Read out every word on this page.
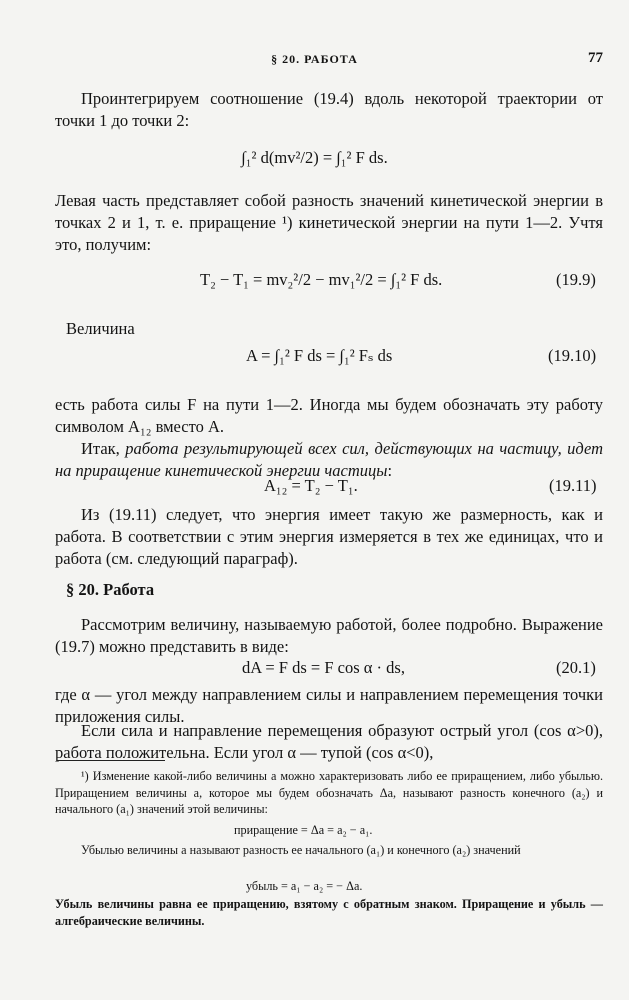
§ 20. РАБОТА	77
Проинтегрируем соотношение (19.4) вдоль некоторой траектории от точки 1 до точки 2:
∫₁² d(mv²/2) = ∫₁² F ds.
Левая часть представляет собой разность значений кинетической энергии в точках 2 и 1, т. е. приращение ¹) кинетической энергии на пути 1—2. Учтя это, получим:
T₂ − T₁ = mv₂²/2 − mv₁²/2 = ∫₁² F ds.	(19.9)
Величина
A = ∫₁² F ds = ∫₁² Fₛ ds	(19.10)
есть работа силы F на пути 1—2. Иногда мы будем обозначать эту работу символом A₁₂ вместо A.
Итак, работа результирующей всех сил, действующих на частицу, идет на приращение кинетической энергии частицы:
A₁₂ = T₂ − T₁.	(19.11)
Из (19.11) следует, что энергия имеет такую же размерность, как и работа. В соответствии с этим энергия измеряется в тех же единицах, что и работа (см. следующий параграф).
§ 20. Работа
Рассмотрим величину, называемую работой, более подробно. Выражение (19.7) можно представить в виде:
dA = F ds = F cos α · ds,	(20.1)
где α — угол между направлением силы и направлением перемещения точки приложения силы.
Если сила и направление перемещения образуют острый угол (cos α>0), работа положительна. Если угол α — тупой (cos α<0),
¹) Изменение какой-либо величины a можно характеризовать либо ее приращением, либо убылью. Приращением величины a, которое мы будем обозначать Δa, называют разность конечного (a₂) и начального (a₁) значений этой величины:
приращение = Δa = a₂ − a₁.
Убылью величины a называют разность ее начального (a₁) и конечного (a₂) значений
убыль = a₁ − a₂ = − Δa.
Убыль величины равна ее приращению, взятому с обратным знаком. Приращение и убыль — алгебраические величины.
